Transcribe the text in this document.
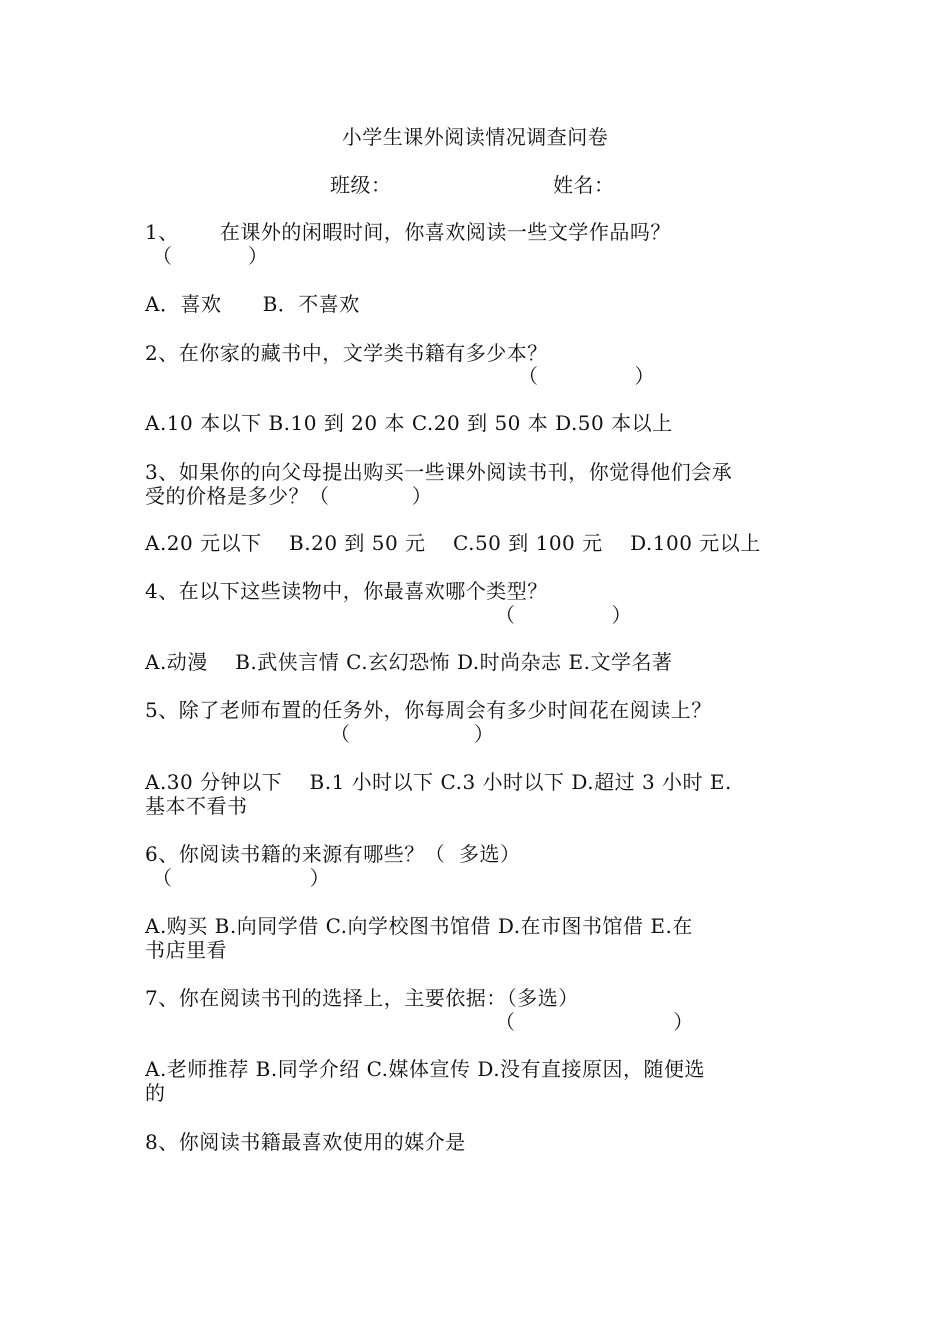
小学生课外阅读情况调查问卷
班级：	姓名：
1、      在课外的闲暇时间，你喜欢阅读一些文学作品吗？
（           ）
A．喜欢      B．不喜欢
2、在你家的藏书中，文学类书籍有多少本？
（              ）
A.10 本以下 B.10 到 20 本 C.20 到 50 本 D.50 本以上
3、如果你的向父母提出购买一些课外阅读书刊，你觉得他们会承
受的价格是多少？（            ）
A.20 元以下    B.20 到 50 元    C.50 到 100 元    D.100 元以上
4、在以下这些读物中，你最喜欢哪个类型？
（              ）
A.动漫    B.武侠言情 C.玄幻恐怖 D.时尚杂志 E.文学名著
5、除了老师布置的任务外，你每周会有多少时间花在阅读上？
（                  ）
A.30 分钟以下    B.1 小时以下 C.3 小时以下 D.超过 3 小时 E.
基本不看书
6、你阅读书籍的来源有哪些？（  多选）
（                    ）
A.购买 B.向同学借 C.向学校图书馆借 D.在市图书馆借 E.在
书店里看
7、你在阅读书刊的选择上，主要依据：（多选）
（                       ）
A.老师推荐 B.同学介绍 C.媒体宣传 D.没有直接原因，随便选
的
8、你阅读书籍最喜欢使用的媒介是
